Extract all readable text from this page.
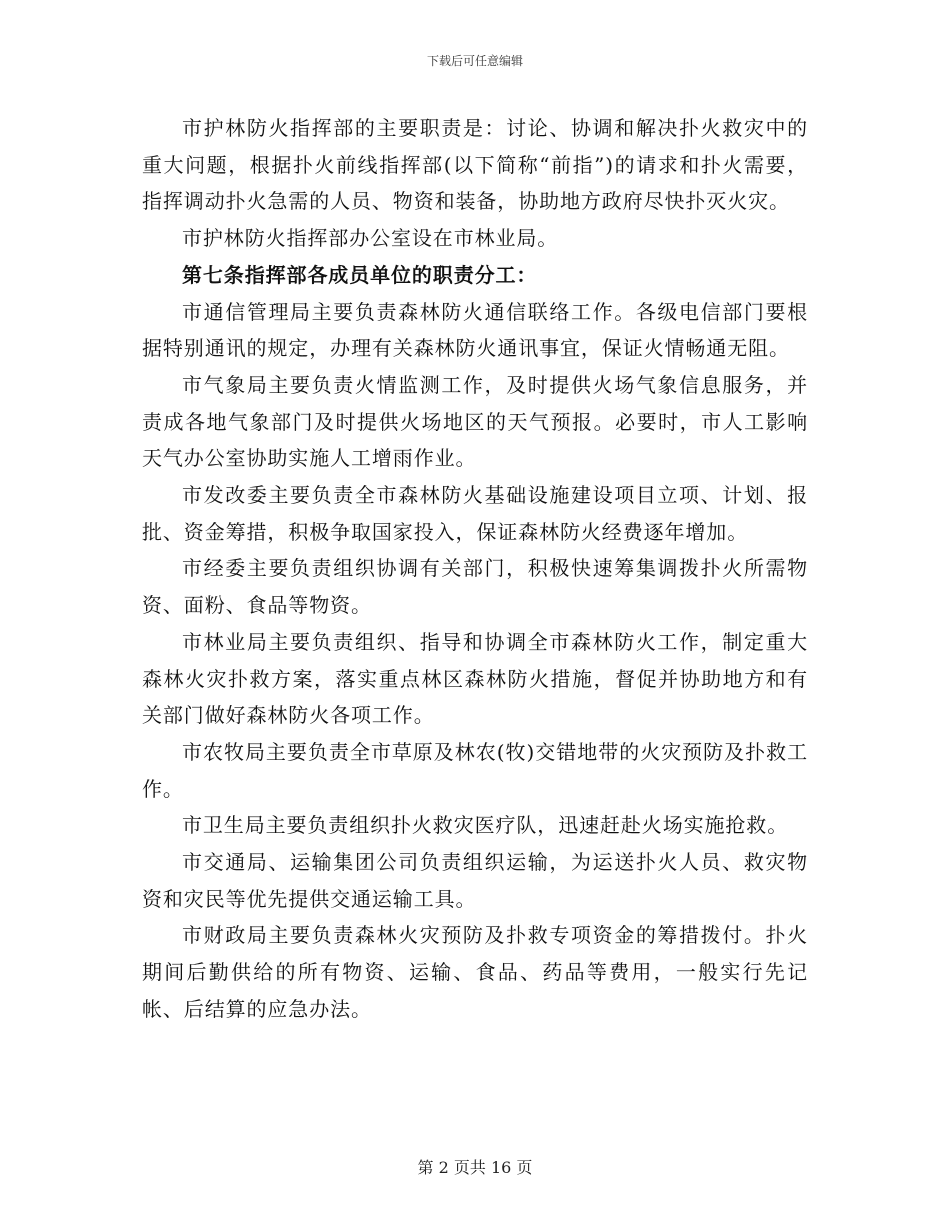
下载后可任意编辑

市护林防火指挥部的主要职责是：讨论、协调和解决扑火救灾中的重大问题，根据扑火前线指挥部(以下简称“前指”)的请求和扑火需要，指挥调动扑火急需的人员、物资和装备，协助地方政府尽快扑灭火灾。

市护林防火指挥部办公室设在市林业局。

第七条指挥部各成员单位的职责分工：

市通信管理局主要负责森林防火通信联络工作。各级电信部门要根据特别通讯的规定，办理有关森林防火通讯事宜，保证火情畅通无阻。

市气象局主要负责火情监测工作，及时提供火场气象信息服务，并责成各地气象部门及时提供火场地区的天气预报。必要时，市人工影响天气办公室协助实施人工增雨作业。

市发改委主要负责全市森林防火基础设施建设项目立项、计划、报批、资金筹措，积极争取国家投入，保证森林防火经费逐年增加。

市经委主要负责组织协调有关部门，积极快速筹集调拨扑火所需物资、面粉、食品等物资。

市林业局主要负责组织、指导和协调全市森林防火工作，制定重大森林火灾扑救方案，落实重点林区森林防火措施，督促并协助地方和有关部门做好森林防火各项工作。

市农牧局主要负责全市草原及林农(牧)交错地带的火灾预防及扑救工作。

市卫生局主要负责组织扑火救灾医疗队，迅速赶赴火场实施抢救。

市交通局、运输集团公司负责组织运输，为运送扑火人员、救灾物资和灾民等优先提供交通运输工具。

市财政局主要负责森林火灾预防及扑救专项资金的筹措拨付。扑火期间后勤供给的所有物资、运输、食品、药品等费用，一般实行先记帐、后结算的应急办法。

第 2 页共 16 页
